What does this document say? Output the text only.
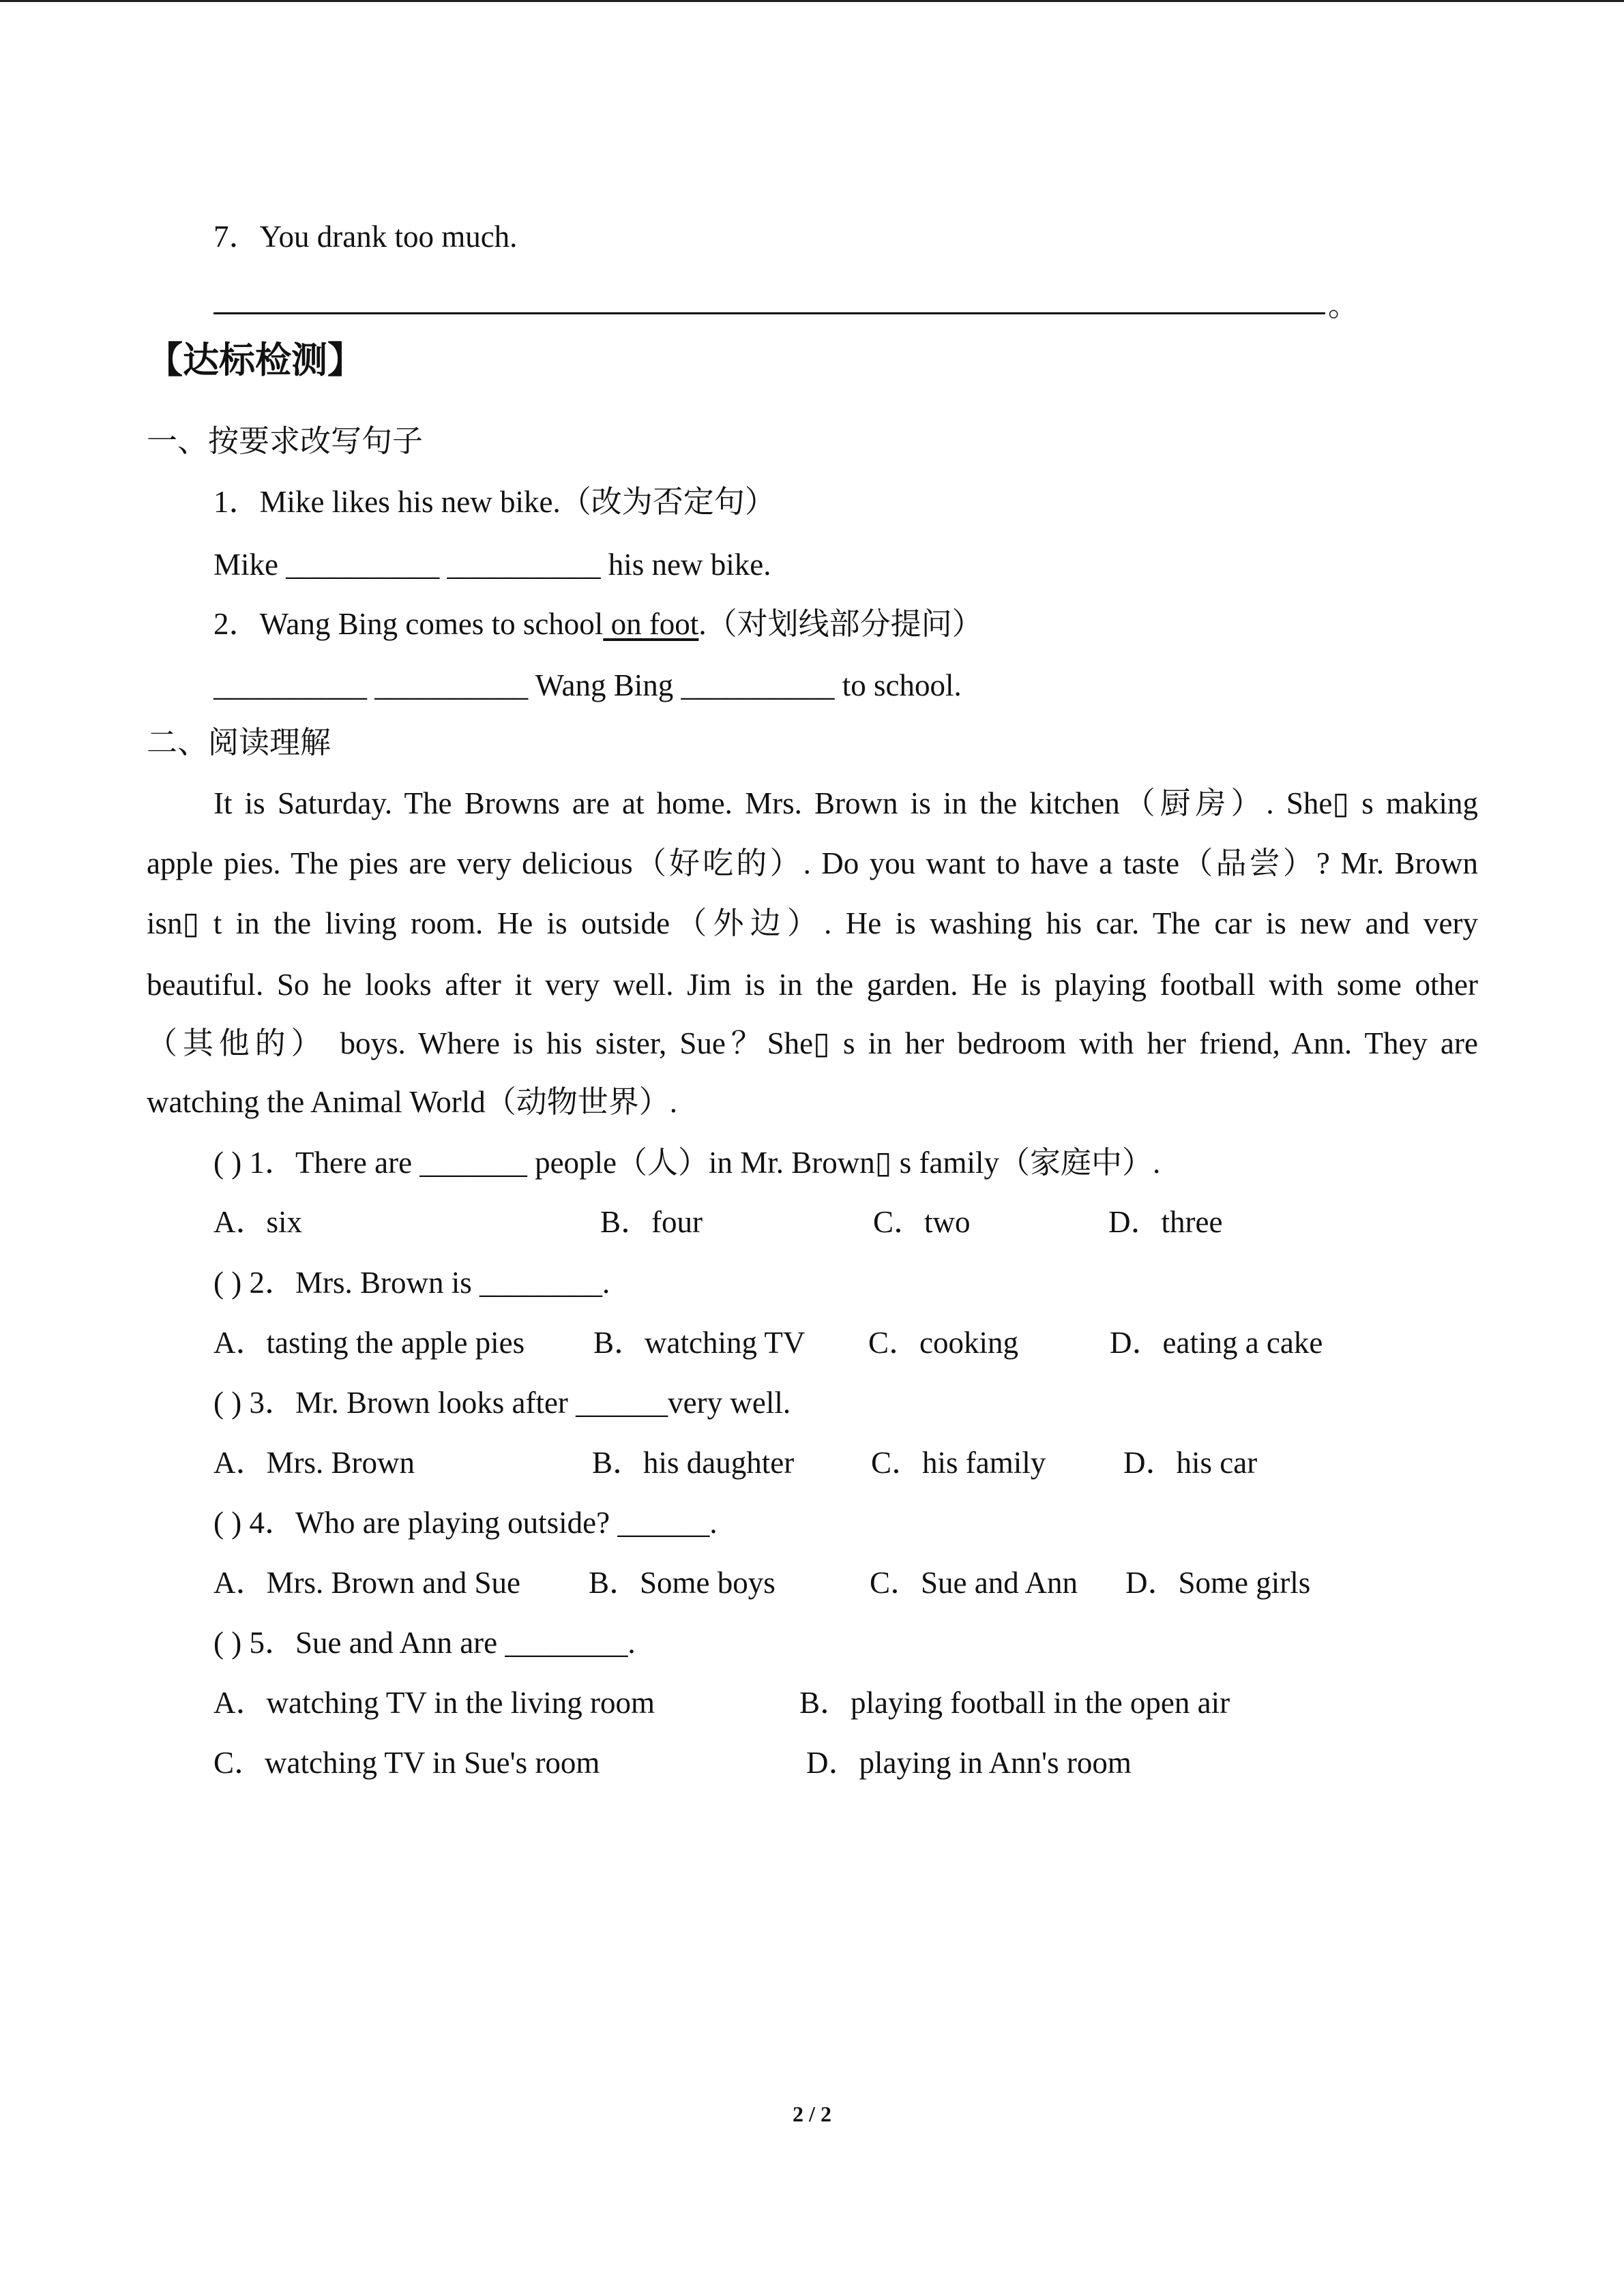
7．You drank too much.
。
【达标检测】
一、按要求改写句子
1．Mike likes his new bike.（改为否定句）
Mike __________ __________ his new bike.
2．Wang Bing comes to school on foot.（对划线部分提问）
__________ __________ Wang Bing __________ to school.
二、阅读理解
It is Saturday. The Browns are at home. Mrs. Brown is in the kitchen（厨房）. She▯ s making
apple pies. The pies are very delicious（好吃的）. Do you want to have a taste（品尝）? Mr. Brown
isn▯ t in the living room. He is outside（外边）. He is washing his car. The car is new and very
beautiful. So he looks after it very well. Jim is in the garden. He is playing football with some other
（其他的） boys. Where is his sister, Sue？She▯ s in her bedroom with her friend, Ann. They are
watching the Animal World（动物世界）.
( ) 1．There are _______ people（人）in Mr. Brown▯ s family（家庭中）.
A．six	B．four	C．two	D．three
( ) 2．Mrs. Brown is ________.
A．tasting the apple pies B．watching TV C．cooking	D．eating a cake
( ) 3．Mr. Brown looks after ______very well.
A．Mrs. Brown	B．his daughter	C．his family	D．his car
( ) 4．Who are playing outside? ______.
A．Mrs. Brown and Sue B．Some boys	C．Sue and Ann D．Some girls
( ) 5．Sue and Ann are ________.
A．watching TV in the living room	B．playing football in the open air
C．watching TV in Sue's room	D．playing in Ann's room
2 / 2
